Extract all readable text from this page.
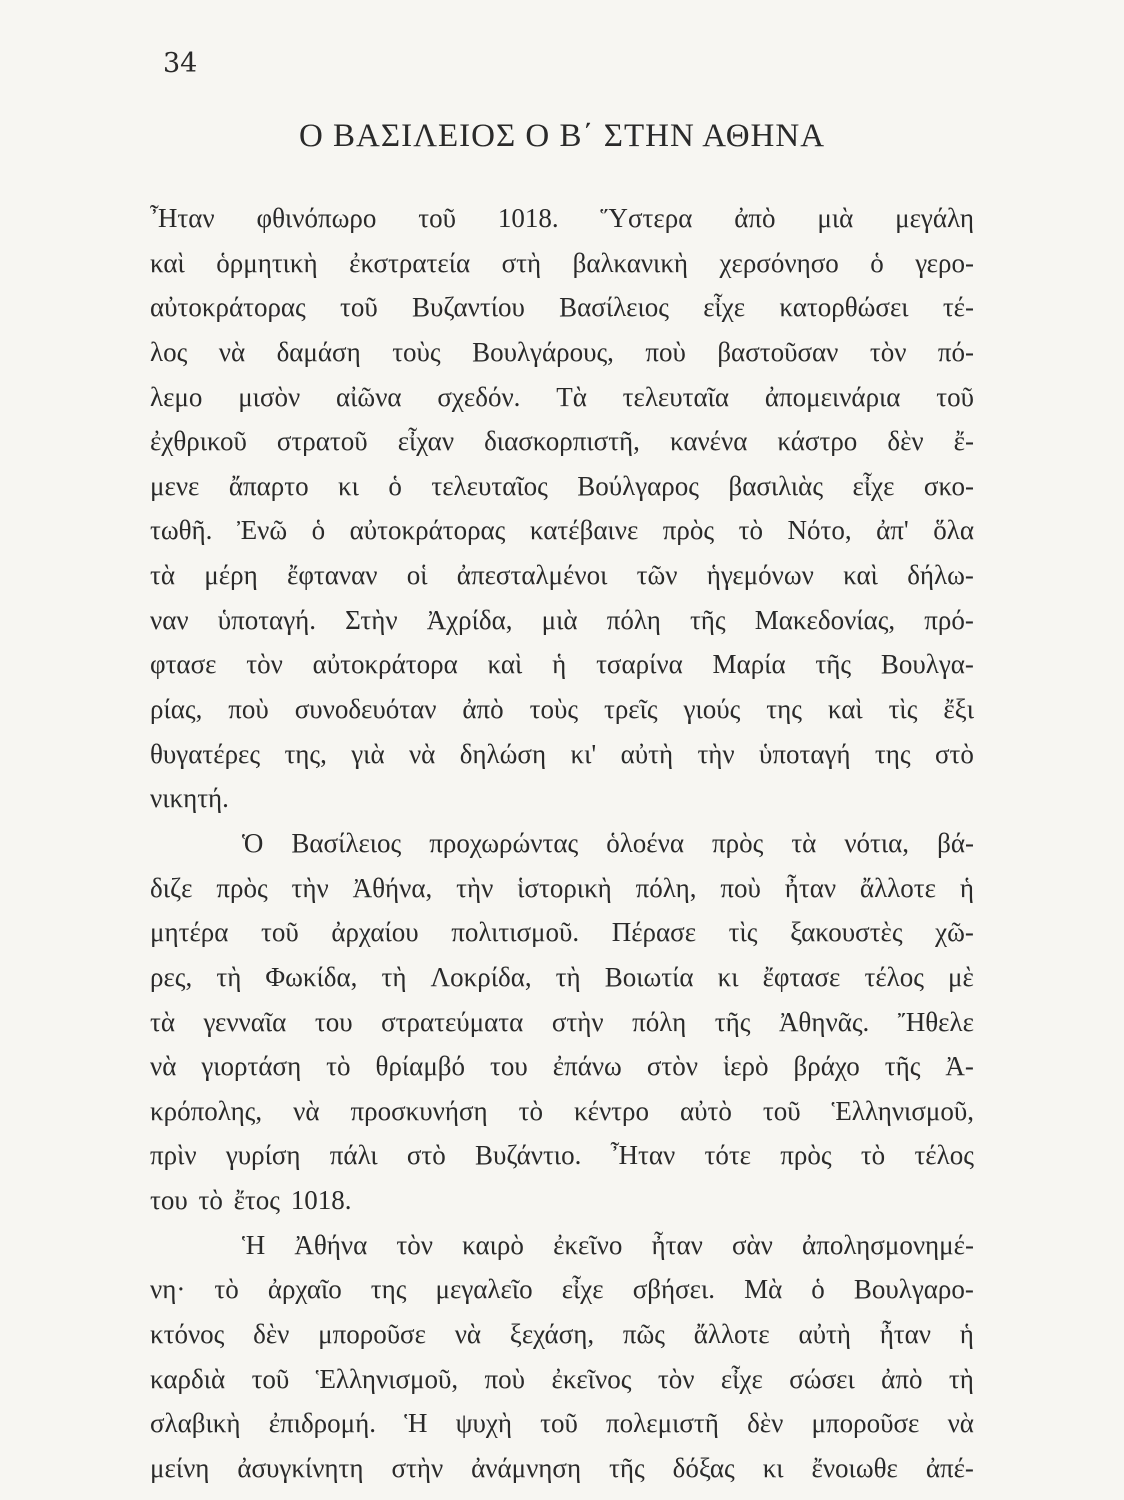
34
Ο ΒΑΣΙΛΕΙΟΣ Ο Β΄ ΣΤΗΝ ΑΘΗΝΑ
Ἦταν φθινόπωρο τοῦ 1018. Ὕστερα ἀπὸ μιὰ μεγάλη
καὶ ὁρμητικὴ ἐκστρατεία στὴ βαλκανικὴ χερσόνησο ὁ γερο-
αὐτοκράτορας τοῦ Βυζαντίου Βασίλειος εἶχε κατορθώσει τέ-
λος νὰ δαμάση τοὺς Βουλγάρους, ποὺ βαστοῦσαν τὸν πό-
λεμο μισὸν αἰῶνα σχεδόν. Τὰ τελευταῖα ἀπομεινάρια τοῦ
ἐχθρικοῦ στρατοῦ εἶχαν διασκορπιστῆ, κανένα κάστρο δὲν ἔ-
μενε ἄπαρτο κι ὁ τελευταῖος Βούλγαρος βασιλιὰς εἶχε σκο-
τωθῆ. Ἐνῶ ὁ αὐτοκράτορας κατέβαινε πρὸς τὸ Νότο, ἀπ' ὅλα
τὰ μέρη ἔφταναν οἱ ἀπεσταλμένοι τῶν ἡγεμόνων καὶ δήλω-
ναν ὑποταγή. Στὴν Ἀχρίδα, μιὰ πόλη τῆς Μακεδονίας, πρό-
φτασε τὸν αὐτοκράτορα καὶ ἡ τσαρίνα Μαρία τῆς Βουλγα-
ρίας, ποὺ συνοδευόταν ἀπὸ τοὺς τρεῖς γιούς της καὶ τὶς ἔξι
θυγατέρες της, γιὰ νὰ δηλώση κι' αὐτὴ τὴν ὑποταγή της στὸ
νικητή.
Ὁ Βασίλειος προχωρώντας ὁλοένα πρὸς τὰ νότια, βά-
διζε πρὸς τὴν Ἀθήνα, τὴν ἱστορικὴ πόλη, ποὺ ἦταν ἄλλοτε ἡ
μητέρα τοῦ ἀρχαίου πολιτισμοῦ. Πέρασε τὶς ξακουστὲς χῶ-
ρες, τὴ Φωκίδα, τὴ Λοκρίδα, τὴ Βοιωτία κι ἔφτασε τέλος μὲ
τὰ γενναῖα του στρατεύματα στὴν πόλη τῆς Ἀθηνᾶς. Ἤθελε
νὰ γιορτάση τὸ θρίαμβό του ἐπάνω στὸν ἱερὸ βράχο τῆς Ἀ-
κρόπολης, νὰ προσκυνήση τὸ κέντρο αὐτὸ τοῦ Ἑλληνισμοῦ,
πρὶν γυρίση πάλι στὸ Βυζάντιο. Ἦταν τότε πρὸς τὸ τέλος
του τὸ ἔτος 1018.
Ἡ Ἀθήνα τὸν καιρὸ ἐκεῖνο ἦταν σὰν ἀπολησμονημέ-
νη· τὸ ἀρχαῖο της μεγαλεῖο εἶχε σβήσει. Μὰ ὁ Βουλγαρο-
κτόνος δὲν μποροῦσε νὰ ξεχάση, πῶς ἄλλοτε αὐτὴ ἦταν ἡ
καρδιὰ τοῦ Ἑλληνισμοῦ, ποὺ ἐκεῖνος τὸν εἶχε σώσει ἀπὸ τὴ
σλαβικὴ ἐπιδρομή. Ἡ ψυχὴ τοῦ πολεμιστῆ δὲν μποροῦσε νὰ
μείνη ἀσυγκίνητη στὴν ἀνάμνηση τῆς δόξας κι ἔνοιωθε ἀπέ-
